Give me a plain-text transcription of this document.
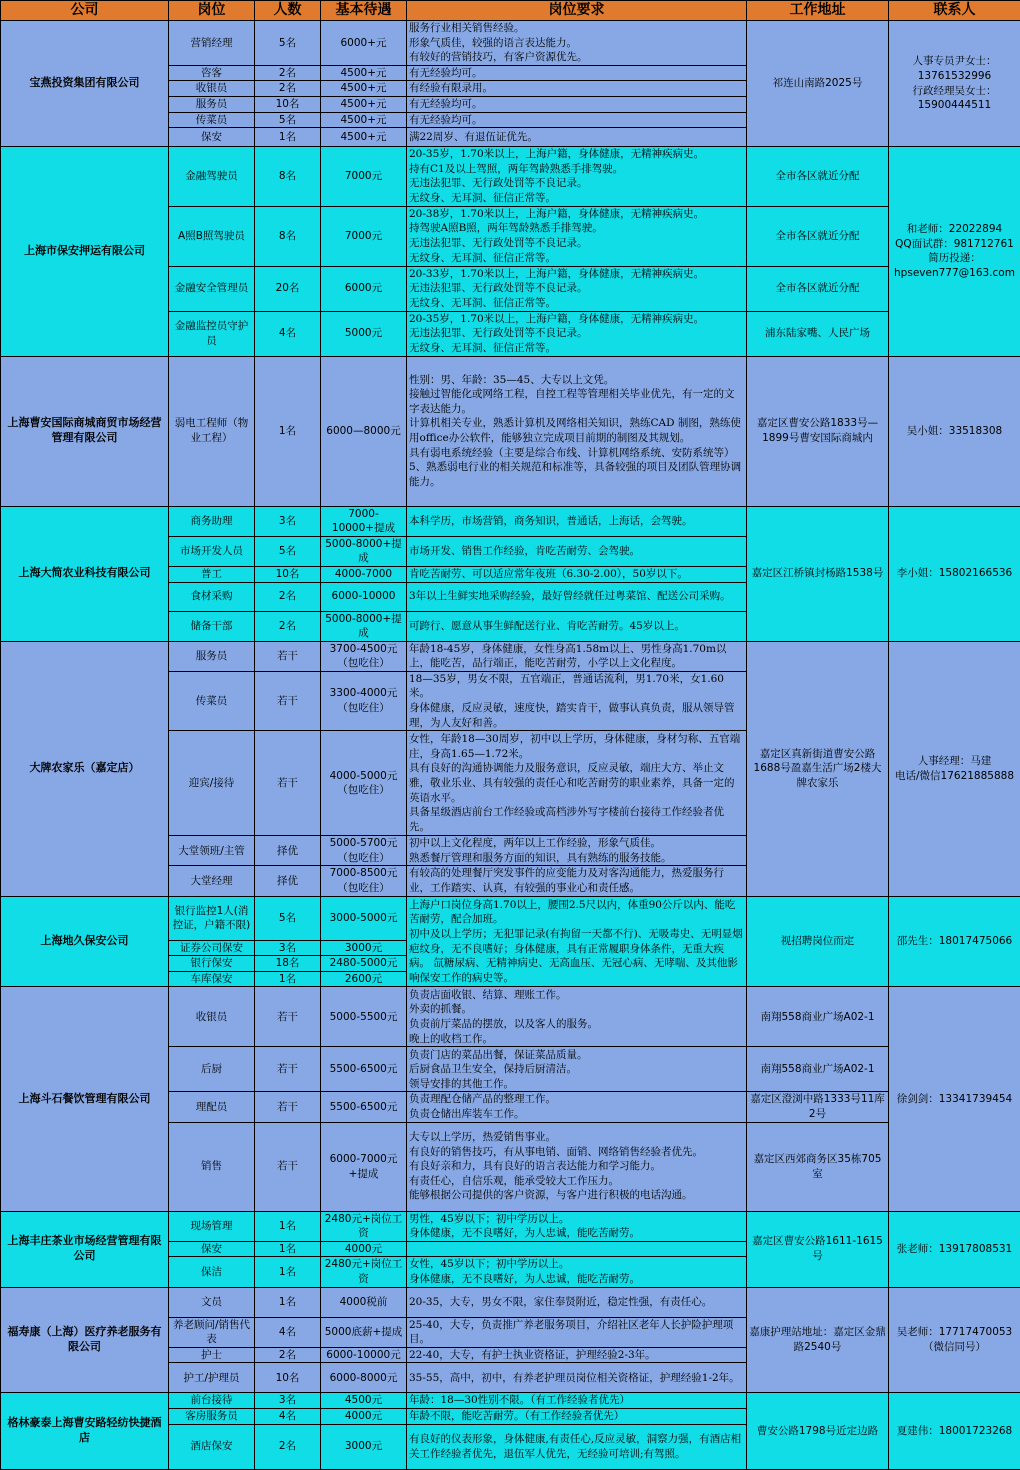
公司	岗位	人数	基本待遇	岗位要求	工作地址	联系人
宝燕投资集团有限公司	营销经理	5名	6000+元	服务行业相关销售经验。
形象气质佳，较强的语言表达能力。
有较好的营销技巧，有客户资源优先。	祁连山南路2025号	人事专员尹女士：
13761532996
行政经理吴女士：
15900444511
	咨客	2名	4500+元	有无经验均可。		
	收银员	2名	4500+元	有经验有限录用。		
	服务员	10名	4500+元	有无经验均可。		
	传菜员	5名	4500+元	有无经验均可。		
	保安	1名	4500+元	满22周岁、有退伍证优先。		
上海市保安押运有限公司	金融驾驶员	8名	7000元	20-35岁，1.70米以上，上海户籍，身体健康，无精神疾病史。
持有C1及以上驾照，两年驾龄熟悉手排驾驶。
无违法犯罪、无行政处罚等不良记录。
无纹身、无耳洞、征信正常等。	全市各区就近分配	和老师：22022894
QQ面试群：981712761
简历投递：
hpseven777@163.com
	A照B照驾驶员	8名	7000元	20-38岁，1.70米以上，上海户籍，身体健康，无精神疾病史。
持驾驶A照B照，两年驾龄熟悉手排驾驶。
无违法犯罪、无行政处罚等不良记录。
无纹身、无耳洞、征信正常等。	全市各区就近分配	
	金融安全管理员	20名	6000元	20-33岁，1.70米以上，上海户籍，身体健康，无精神疾病史。
无违法犯罪、无行政处罚等不良记录。
无纹身、无耳洞、征信正常等。	全市各区就近分配	
	金融监控员守护员	4名	5000元	20-35岁，1.70米以上，上海户籍，身体健康，无精神疾病史。
无违法犯罪、无行政处罚等不良记录。
无纹身、无耳洞、征信正常等。	浦东陆家嘴、人民广场	
上海曹安国际商城商贸市场经营管理有限公司	弱电工程师（物业工程）	1名	6000—8000元	性别：男、年龄：35—45、大专以上文凭。
接触过智能化或网络工程，自控工程等管理相关毕业优先，有一定的文字表达能力。
计算机相关专业，熟悉计算机及网络相关知识，熟练CAD 制图，熟练使用office办公软件，能够独立完成项目前期的制图及其规划。
具有弱电系统经验（主要是综合布线、计算机网络系统、安防系统等）
5、熟悉弱电行业的相关规范和标准等，具备较强的项目及团队管理协调能力。	嘉定区曹安公路1833号—1899号曹安国际商城内	吴小姐：33518308
上海大简农业科技有限公司	商务助理	3名	7000-10000+提成	本科学历，市场营销，商务知识，普通话，上海话，会驾驶。	嘉定区江桥镇封杨路1538号	李小姐：15802166536
	市场开发人员	5名	5000-8000+提成	市场开发、销售工作经验，肯吃苦耐劳、会驾驶。		
	普工	10名	4000-7000	肯吃苦耐劳、可以适应常年夜班（6.30-2.00），50岁以下。		
	食材采购	2名	6000-10000	3年以上生鲜实地采购经验，最好曾经就任过粤菜馆、配送公司采购。		
	储备干部	2名	5000-8000+提成	可跨行、愿意从事生鲜配送行业、肯吃苦耐劳。45岁以上。		
大牌农家乐（嘉定店）	服务员	若干	3700-4500元（包吃住）	年龄18-45岁，身体健康，女性身高1.58m以上、男性身高1.70m以上，能吃苦，品行端正，能吃苦耐劳，小学以上文化程度。	嘉定区真新街道曹安公路1688号盈嘉生活广场2楼大牌农家乐	人事经理：马建
电话/微信17621885888
	传菜员	若干	3300-4000元（包吃住）	18—35岁，男女不限，五官端正，普通话流利，男1.70米，女1.60米。
身体健康，反应灵敏，速度快，踏实肯干，做事认真负责，服从领导管理，为人友好和善。		
	迎宾/接待	若干	4000-5000元（包吃住）	女性，年龄18—30周岁，初中以上学历，身体健康，身材匀称、五官端庄，身高1.65—1.72米。
具有良好的沟通协调能力及服务意识，反应灵敏，端庄大方、举止文雅，敬业乐业、具有较强的责任心和吃苦耐劳的职业素养，具备一定的英语水平。
具备星级酒店前台工作经验或高档涉外写字楼前台接待工作经验者优先。		
	大堂领班/主管	择优	5000-5700元（包吃住）	初中以上文化程度，两年以上工作经验，形象气质佳。
熟悉餐厅管理和服务方面的知识，具有熟练的服务技能。		
	大堂经理	择优	7000-8500元（包吃住）	有较高的处理餐厅突发事件的应变能力及对客沟通能力，热爱服务行业，工作踏实、认真，有较强的事业心和责任感。		
上海地久保安公司	银行监控1人(消控证，户籍不限)	5名	3000-5000元	上海户口岗位身高1.70以上，腰围2.5尺以内，体重90公斤以内、能吃苦耐劳，配合加班。
初中及以上学历；无犯罪记录(有拘留一天都不行)、无吸毒史、无明显烟疤纹身，无不良嗜好；身体健康，具有正常履职身体条件，无重大疾病。 氙糖尿病、无精神病史、无高血压、无冠心病、无哮喘、及其他影响保安工作的病史等。	视招聘岗位而定	邵先生：18017475066
	证券公司保安	3名	3000元			
	银行保安	18名	2480-5000元			
	车库保安	1名	2600元			
上海斗石餐饮管理有限公司	收银员	若干	5000-5500元	负责店面收银、结算、理账工作。
外卖的抓餐。
负责前厅菜品的摆放，以及客人的服务。
晚上的收档工作。	南翔558商业广场A02-1	徐剑剑：13341739454
	后厨	若干	5500-6500元	负责门店的菜品出餐，保证菜品质量。
后厨食品卫生安全，保持后厨清洁。
领导安排的其他工作。	南翔558商业广场A02-1	
	理配员	若干	5500-6500元	负责理配仓储产品的整理工作。
负责仓储出库装车工作。	嘉定区澄浏中路1333号11库2号	
	销售	若干	6000-7000元+提成	大专以上学历，热爱销售事业。
有良好的销售技巧，有从事电销、面销、网络销售经验者优先。
有良好亲和力，具有良好的语言表达能力和学习能力。
有责任心，自信乐观，能承受较大工作压力。
能够根据公司提供的客户资源，与客户进行积极的电话沟通。	嘉定区西郊商务区35栋705室	
上海丰庄茶业市场经营管理有限公司	现场管理	1名	2480元+岗位工资	男性，45岁以下；初中学历以上。
身体健康，无不良嗜好，为人忠诚，能吃苦耐劳。	嘉定区曹安公路1611-1615号	张老师：13917808531
	保安	1名	4000元			
	保洁	1名	2480元+岗位工资	女性，45岁以下；初中学历以上。
身体健康，无不良嗜好，为人忠诚，能吃苦耐劳。		
福寿康（上海）医疗养老服务有限公司	文员	1名	4000税前	20-35，大专，男女不限，家住奉贤附近，稳定性强，有责任心。	嘉康护理站地址：嘉定区金鼎路2540号	吴老师：17717470053
（微信同号）
	养老顾问/销售代表	4名	5000底薪+提成	25-40，大专，负责推广养老服务项目，介绍社区老年人长护险护理项目。		
	护士	2名	6000-10000元	22-40，大专，有护士执业资格证，护理经验2-3年。		
	护工/护理员	10名	6000-8000元	35-55，高中，初中，有养老护理员岗位相关资格证，护理经验1-2年。		
格林豪泰上海曹安路轻纺快捷酒店	前台接待	3名	4500元	年龄：18—30性别不限。（有工作经验者优先）	曹安公路1798号近定边路	夏建伟：18001723268
	客房服务员	4名	4000元	年龄不限，能吃苦耐劳。（有工作经验者优先）		
	酒店保安	2名	3000元	有良好的仪表形象，身体健康,有责任心,反应灵敏，洞察力强，有酒店相关工作经验者优先，退伍军人优先，无经验可培训;有驾照。		
